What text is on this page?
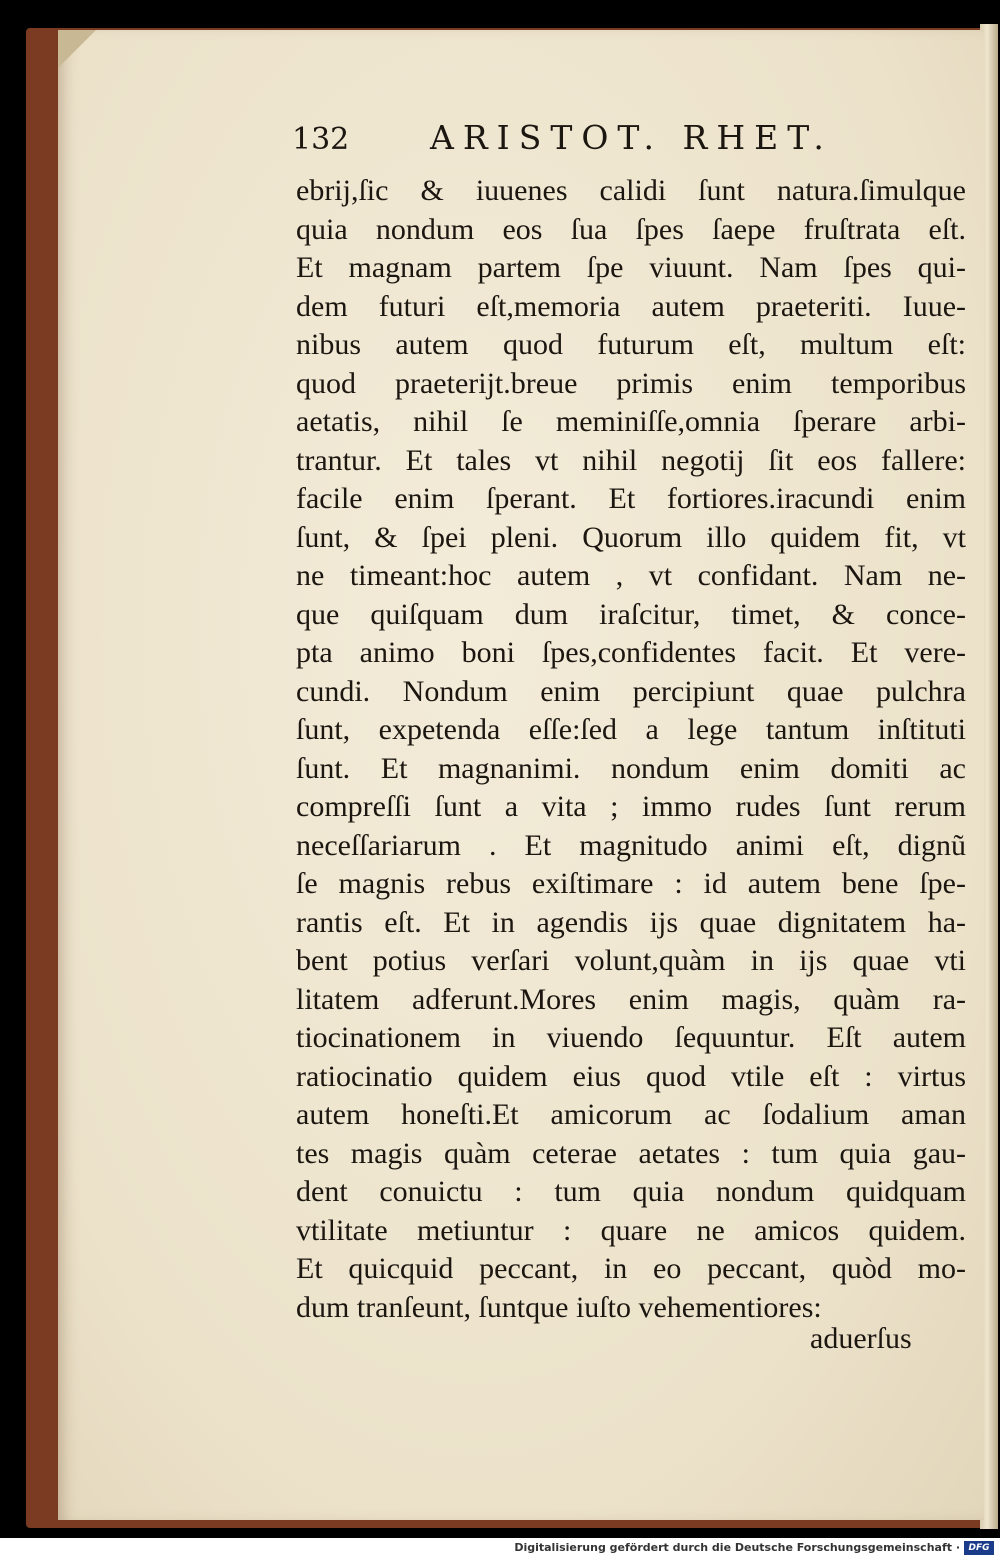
132 ARISTOT. RHET.
ebrij,ſic & iuuenes calidi ſunt natura.ſimulque
quia nondum eos ſua ſpes ſaepe fruſtrata eſt.
Et magnam partem ſpe viuunt. Nam ſpes qui-
dem futuri eſt,memoria autem praeteriti. Iuue-
nibus autem quod futurum eſt, multum eſt:
quod praeterijt.breue primis enim temporibus
aetatis, nihil ſe meminiſſe,omnia ſperare arbi-
trantur. Et tales vt nihil negotij ſit eos fallere:
facile enim ſperant. Et fortiores.iracundi enim
ſunt, & ſpei pleni. Quorum illo quidem fit, vt
ne timeant:hoc autem , vt confidant. Nam ne-
que quiſquam dum iraſcitur, timet, & conce-
pta animo boni ſpes,confidentes facit. Et vere-
cundi. Nondum enim percipiunt quae pulchra
ſunt, expetenda eſſe:ſed a lege tantum inſtituti
ſunt. Et magnanimi. nondum enim domiti ac
compreſſi ſunt a vita ; immo rudes ſunt rerum
neceſſariarum . Et magnitudo animi eſt, dignũ
ſe magnis rebus exiſtimare : id autem bene ſpe-
rantis eſt. Et in agendis ijs quae dignitatem ha-
bent potius verſari volunt,quàm in ijs quae vti
litatem adferunt.Mores enim magis, quàm ra-
tiocinationem in viuendo ſequuntur. Eſt autem
ratiocinatio quidem eius quod vtile eſt : virtus
autem honeſti.Et amicorum ac ſodalium aman
tes magis quàm ceterae aetates : tum quia gau-
dent conuictu : tum quia nondum quidquam
vtilitate metiuntur : quare ne amicos quidem.
Et quicquid peccant, in eo peccant, quòd mo-
dum tranſeunt, ſuntque iuſto vehementiores:
aduerſus
Digitalisierung gefördert durch die Deutsche Forschungsgemeinschaft · DFG
